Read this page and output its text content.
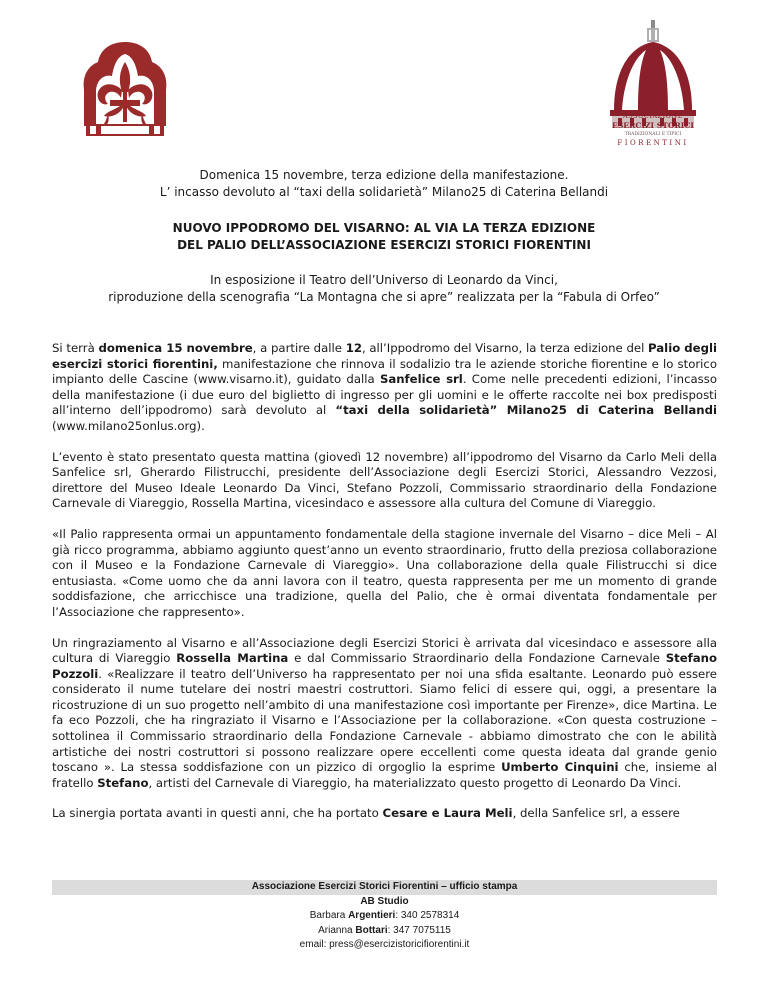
ASSOCIAZIONE
ESERCIZI STORICI
TRADIZIONALI E TIPICI
FIORENTINI
Domenica 15 novembre, terza edizione della manifestazione.
L’ incasso devoluto al “taxi della solidarietà” Milano25 di Caterina Bellandi
NUOVO IPPODROMO DEL VISARNO: AL VIA LA TERZA EDIZIONE
DEL PALIO DELL’ASSOCIAZIONE ESERCIZI STORICI FIORENTINI
In esposizione il Teatro dell’Universo di Leonardo da Vinci,
riproduzione della scenografia “La Montagna che si apre” realizzata per la “Fabula di Orfeo”

Si terrà domenica 15 novembre, a partire dalle 12, all’Ippodromo del Visarno, la terza edizione del Palio degli esercizi storici fiorentini, manifestazione che rinnova il sodalizio tra le aziende storiche fiorentine e lo storico impianto delle Cascine (www.visarno.it), guidato dalla Sanfelice srl. Come nelle precedenti edizioni, l’incasso della manifestazione (i due euro del biglietto di ingresso per gli uomini e le offerte raccolte nei box predisposti all’interno dell’ippodromo) sarà devoluto al “taxi della solidarietà” Milano25 di Caterina Bellandi (www.milano25onlus.org).

L’evento è stato presentato questa mattina (giovedì 12 novembre) all’ippodromo del Visarno da Carlo Meli della Sanfelice srl, Gherardo Filistrucchi, presidente dell’Associazione degli Esercizi Storici, Alessandro Vezzosi, direttore del Museo Ideale Leonardo Da Vinci, Stefano Pozzoli, Commissario straordinario della Fondazione Carnevale di Viareggio, Rossella Martina, vicesindaco e assessore alla cultura del Comune di Viareggio.

«Il Palio rappresenta ormai un appuntamento fondamentale della stagione invernale del Visarno – dice Meli – Al già ricco programma, abbiamo aggiunto quest’anno un evento straordinario, frutto della preziosa collaborazione con il Museo e la Fondazione Carnevale di Viareggio». Una collaborazione della quale Filistrucchi si dice entusiasta. «Come uomo che da anni lavora con il teatro, questa rappresenta per me un momento di grande soddisfazione, che arricchisce una tradizione, quella del Palio, che è ormai diventata fondamentale per l’Associazione che rappresento».

Un ringraziamento al Visarno e all’Associazione degli Esercizi Storici è arrivata dal vicesindaco e assessore alla cultura di Viareggio Rossella Martina e dal Commissario Straordinario della Fondazione Carnevale Stefano Pozzoli. «Realizzare il teatro dell’Universo ha rappresentato per noi una sfida esaltante. Leonardo può essere considerato il nume tutelare dei nostri maestri costruttori. Siamo felici di essere qui, oggi, a presentare la ricostruzione di un suo progetto nell’ambito di una manifestazione così importante per Firenze», dice Martina. Le fa eco Pozzoli, che ha ringraziato il Visarno e l’Associazione per la collaborazione. «Con questa costruzione – sottolinea il Commissario straordinario della Fondazione Carnevale - abbiamo dimostrato che con le abilità artistiche dei nostri costruttori si possono realizzare opere eccellenti come questa ideata dal grande genio toscano ». La stessa soddisfazione con un pizzico di orgoglio la esprime Umberto Cinquini che, insieme al fratello Stefano, artisti del Carnevale di Viareggio, ha materializzato questo progetto di Leonardo Da Vinci.

La sinergia portata avanti in questi anni, che ha portato Cesare e Laura Meli, della Sanfelice srl, a essere

Associazione Esercizi Storici Fiorentini – ufficio stampa
AB Studio
Barbara Argentieri: 340 2578314
Arianna Bottari: 347 7075115
email: press@esercizistoricifiorentini.it
